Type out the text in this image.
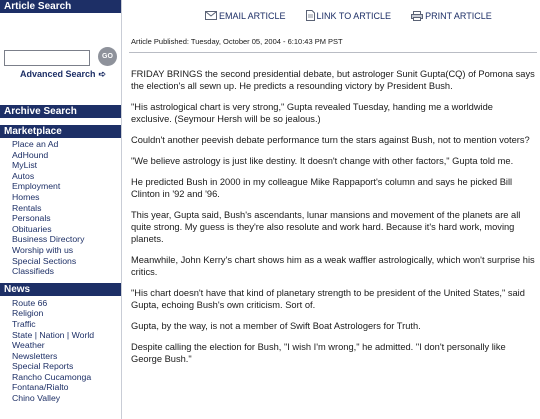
Article Search
GO
Advanced Search ➪
Archive Search
Marketplace
Place an Ad
AdHound
MyList
Autos
Employment
Homes
Rentals
Personals
Obituaries
Business Directory
Worship with us
Special Sections
Classifieds
News
Route 66
Religion
Traffic
State | Nation | World
Weather
Newsletters
Special Reports
Rancho Cucamonga
Fontana/Rialto
Chino Valley
EMAIL ARTICLE	LINK TO ARTICLE	PRINT ARTICLE
Article Published: Tuesday, October 05, 2004 - 6:10:43 PM PST

FRIDAY BRINGS the second presidential debate, but astrologer Sunit Gupta(CQ) of Pomona says the election's all sewn up. He predicts a resounding victory by President Bush.

"His astrological chart is very strong," Gupta revealed Tuesday, handing me a worldwide exclusive. (Seymour Hersh will be so jealous.)

Couldn't another peevish debate performance turn the stars against Bush, not to mention voters?

"We believe astrology is just like destiny. It doesn't change with other factors," Gupta told me.

He predicted Bush in 2000 in my colleague Mike Rappaport's column and says he picked Bill Clinton in '92 and '96.

This year, Gupta said, Bush's ascendants, lunar mansions and movement of the planets are all quite strong. My guess is they're also resolute and work hard. Because it's hard work, moving planets.

Meanwhile, John Kerry's chart shows him as a weak waffler astrologically, which won't surprise his critics.

"His chart doesn't have that kind of planetary strength to be president of the United States," said Gupta, echoing Bush's own criticism. Sort of.

Gupta, by the way, is not a member of Swift Boat Astrologers for Truth.

Despite calling the election for Bush, "I wish I'm wrong," he admitted. "I don't personally like George Bush."
